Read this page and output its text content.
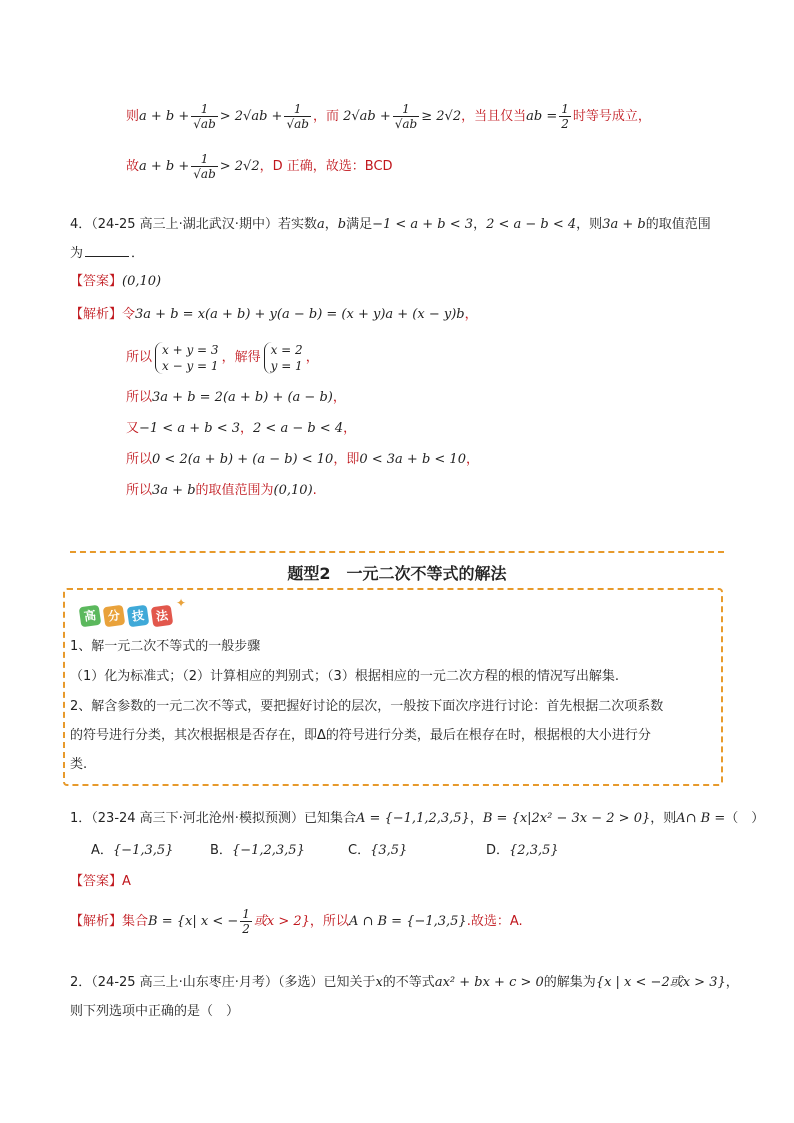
则$a + b + \frac{1}{√ab} > 2√ab + \frac{1}{√ab}$ ，而 $2√ab + \frac{1}{√ab} \ge 2√2$，当且仅当ab = $\frac{1}{2}$ 时等号成立，
故$a + b + \frac{1}{√ab} > 2√2$，D 正确，故选：BCD
4．（24-25 高三上·湖北武汉·期中）若实数a，b满足−1 < a + b < 3，2 < a − b < 4，则3a + b的取值范围
为	．
【答案】(0,10)
【解析】令3a + b = x(a + b) + y(a − b) = (x + y)a + (x − y)b，
所以
x + y = 3
x − y = 1
，解得
x = 2
y = 1
，
所以3a + b = 2(a + b) + (a − b)，
又−1 < a + b < 3，2 < a − b < 4，
所以0 < 2(a + b) + (a − b) < 10，即0 < 3a + b < 10，
所以3a + b的取值范围为(0,10).
题型2　一元二次不等式的解法
高 分 技 法
✦
1、解一元二次不等式的一般步骤
（1）化为标准式；（2）计算相应的判别式；（3）根据相应的一元二次方程的根的情况写出解集.
2、解含参数的一元二次不等式，要把握好讨论的层次，一般按下面次序进行讨论：首先根据二次项系数
的符号进行分类，其次根据根是否存在，即Δ的符号进行分类，最后在根存在时，根据根的大小进行分
类.
1．（23-24 高三下·河北沧州·模拟预测）已知集合A = {−1,1,2,3,5}，B = {x|2x² − 3x − 2 > 0}，则A∩ B =（　）
A．{−1,3,5}	B．{−1,2,3,5}	C．{3,5}	D．{2,3,5}
【答案】A
【解析】集合B = {x| x < − $\frac{1}{2}$ 或x > 2}，所以A ∩ B = {−1,3,5}.故选：A.
2．（24-25 高三上·山东枣庄·月考）（多选）已知关于x的不等式ax² + bx + c > 0的解集为{x | x < −2或x > 3}，
则下列选项中正确的是（　）
